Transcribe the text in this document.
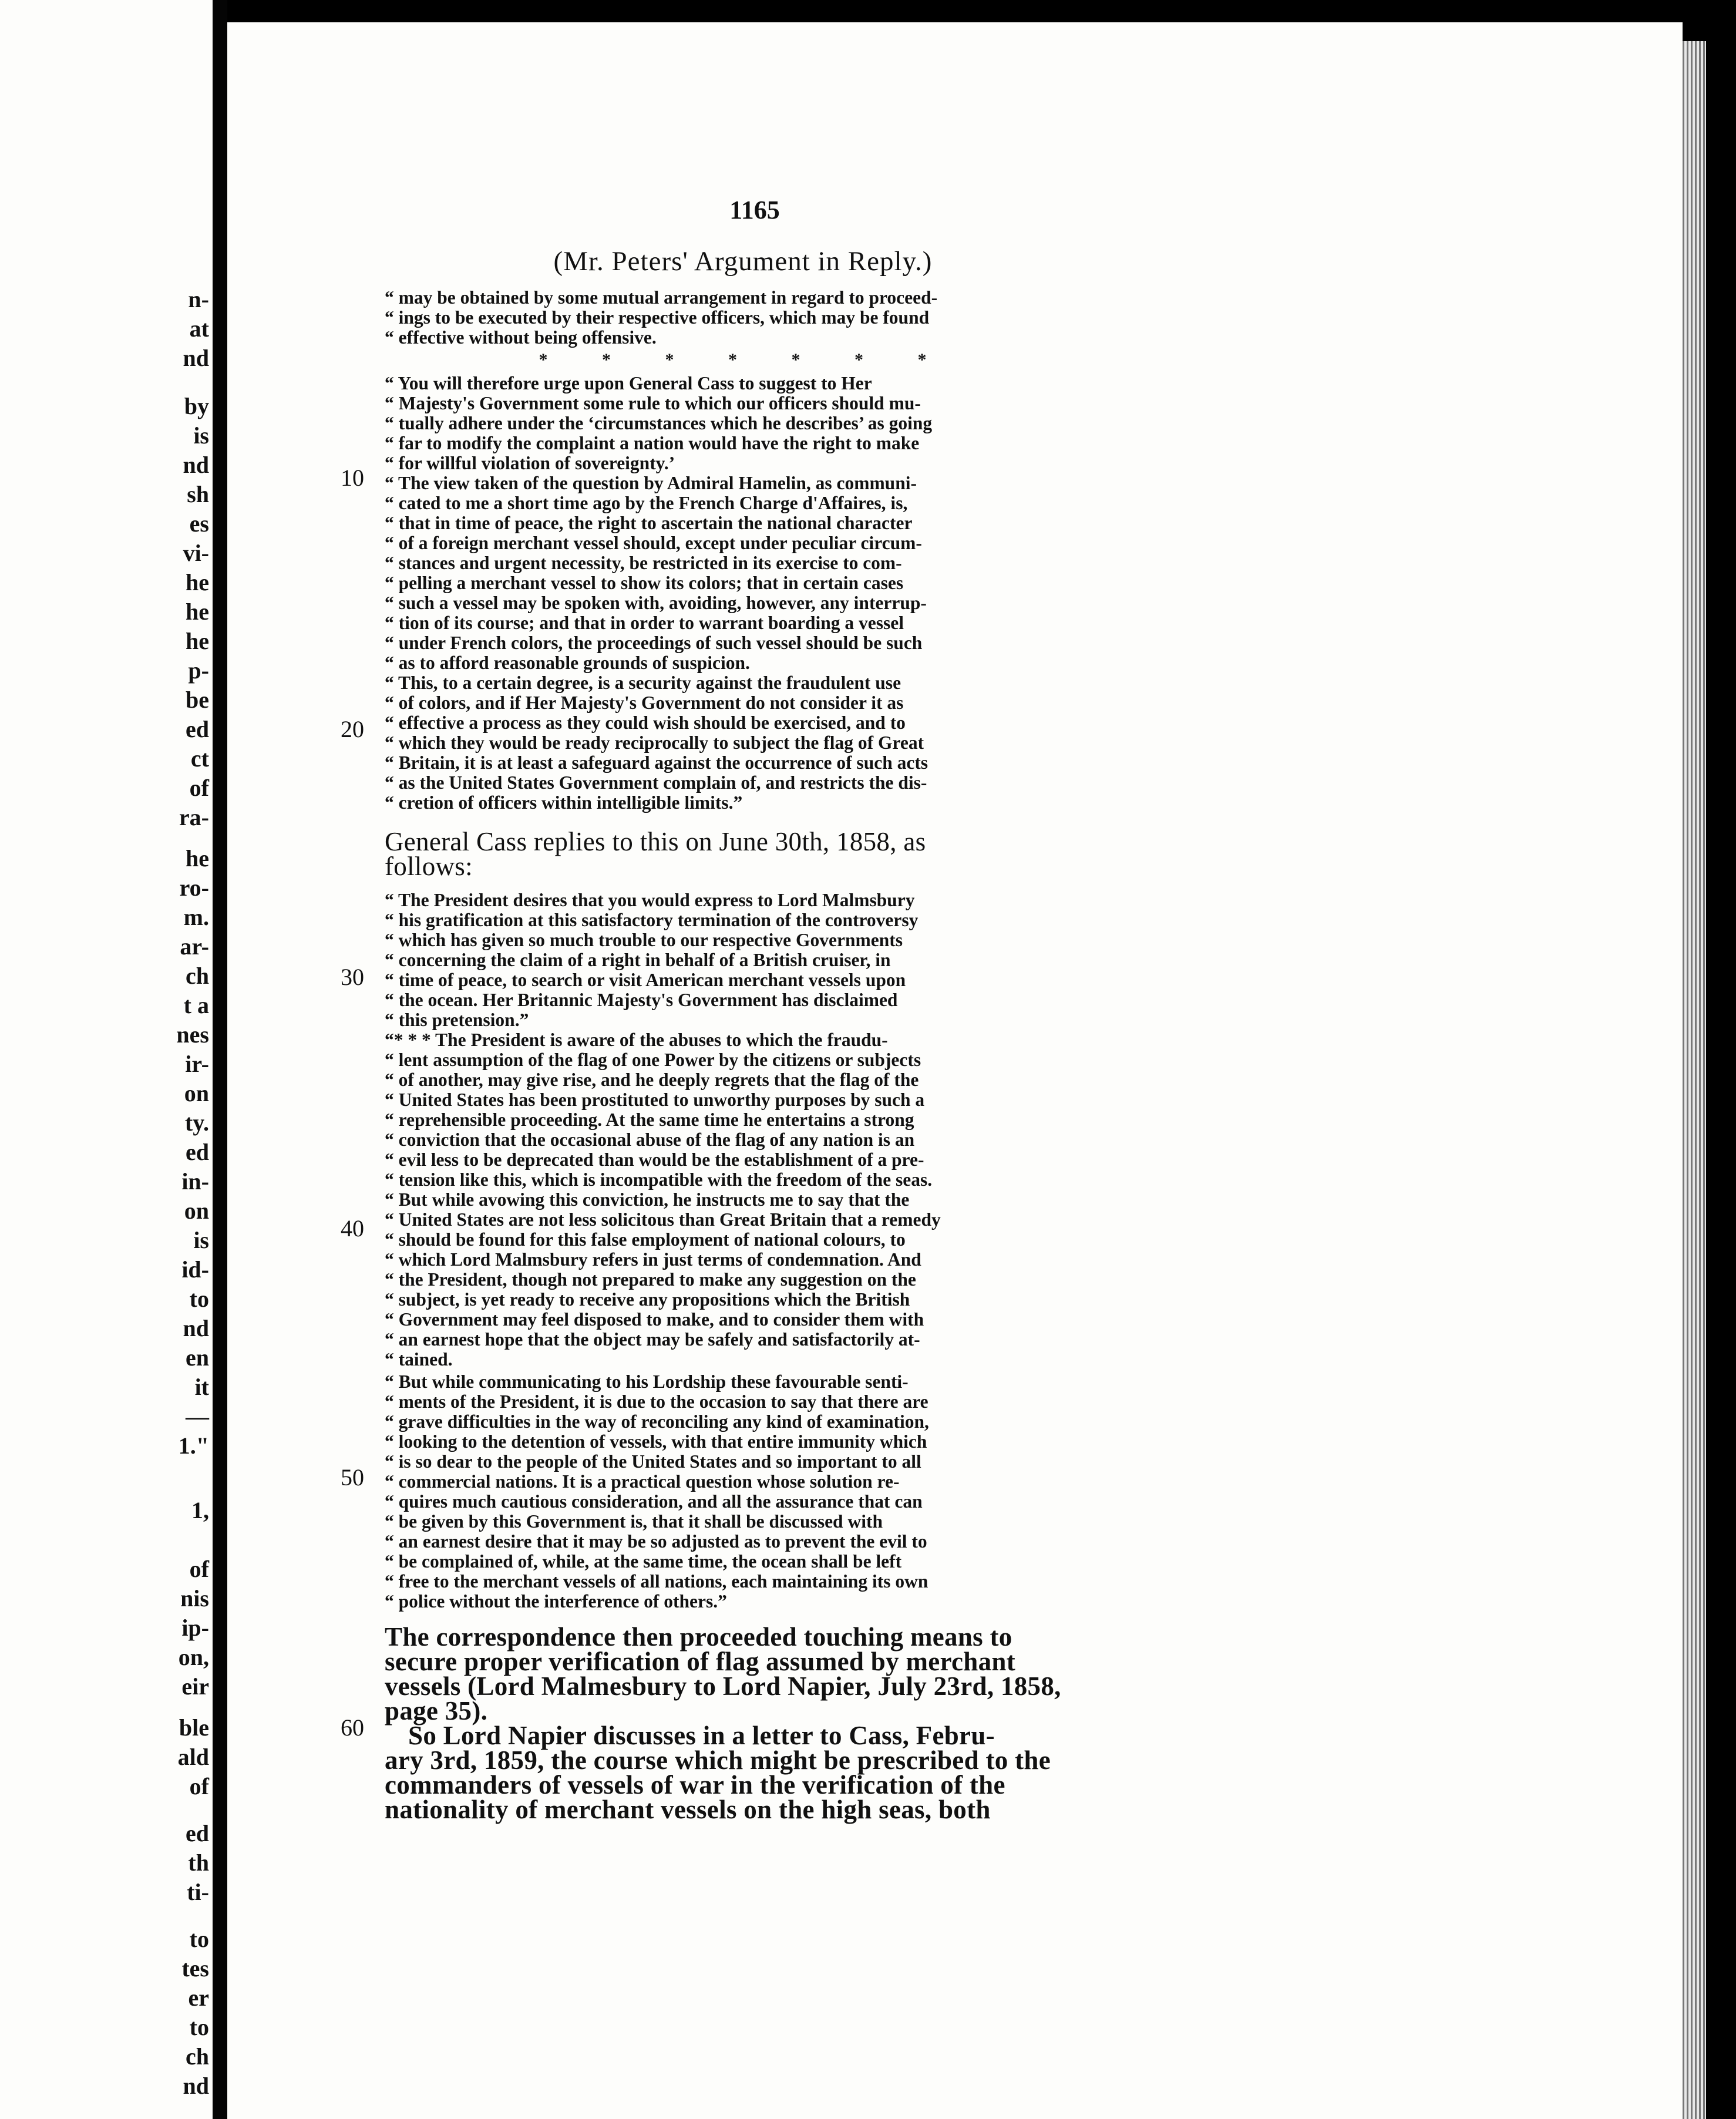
n-
at
nd
by
is
nd
sh
es
vi-
he
he
he
p-
be
ed
ct
of
ra-
he
ro-
m.
ar-
ch
t a
nes
ir-
on
ty.
ed
in-
on
is
id-
to
nd
en
it
—
1."
1,
of
nis
ip-
on,
eir
ble
ald
of
ed
th
ti-
to
tes
er
to
ch
nd
1165
(Mr. Peters' Argument in Reply.)

“ may be obtained by some mutual arrangement in regard to proceed-
“ ings to be executed by their respective officers, which may be found
“ effective without being offensive.

* * * * * * *

“ You will therefore urge upon General Cass to suggest to Her
“ Majesty's Government some rule to which our officers should mu-
“ tually adhere under the ‘circumstances which he describes’ as going
“ far to modify the complaint a nation would have the right to make
“ for willful violation of sovereignty.’

“ The view taken of the question by Admiral Hamelin, as communi-
“ cated to me a short time ago by the French Charge d'Affaires, is,
“ that in time of peace, the right to ascertain the national character
“ of a foreign merchant vessel should, except under peculiar circum-
“ stances and urgent necessity, be restricted in its exercise to com-
“ pelling a merchant vessel to show its colors; that in certain cases
“ such a vessel may be spoken with, avoiding, however, any interrup-
“ tion of its course; and that in order to warrant boarding a vessel
“ under French colors, the proceedings of such vessel should be such
“ as to afford reasonable grounds of suspicion.

“ This, to a certain degree, is a security against the fraudulent use
“ of colors, and if Her Majesty's Government do not consider it as
“ effective a process as they could wish should be exercised, and to
“ which they would be ready reciprocally to subject the flag of Great
“ Britain, it is at least a safeguard against the occurrence of such acts
“ as the United States Government complain of, and restricts the dis-
“ cretion of officers within intelligible limits.”

General Cass replies to this on June 30th, 1858, as
follows:

“ The President desires that you would express to Lord Malmsbury
“ his gratification at this satisfactory termination of the controversy
“ which has given so much trouble to our respective Governments
“ concerning the claim of a right in behalf of a British cruiser, in
“ time of peace, to search or visit American merchant vessels upon
“ the ocean. Her Britannic Majesty's Government has disclaimed
“ this pretension.”

“* * * The President is aware of the abuses to which the fraudu-
“ lent assumption of the flag of one Power by the citizens or subjects
“ of another, may give rise, and he deeply regrets that the flag of the
“ United States has been prostituted to unworthy purposes by such a
“ reprehensible proceeding. At the same time he entertains a strong
“ conviction that the occasional abuse of the flag of any nation is an
“ evil less to be deprecated than would be the establishment of a pre-
“ tension like this, which is incompatible with the freedom of the seas.
“ But while avowing this conviction, he instructs me to say that the
“ United States are not less solicitous than Great Britain that a remedy
“ should be found for this false employment of national colours, to
“ which Lord Malmsbury refers in just terms of condemnation. And
“ the President, though not prepared to make any suggestion on the
“ subject, is yet ready to receive any propositions which the British
“ Government may feel disposed to make, and to consider them with
“ an earnest hope that the object may be safely and satisfactorily at-
“ tained.

“ But while communicating to his Lordship these favourable senti-
“ ments of the President, it is due to the occasion to say that there are
“ grave difficulties in the way of reconciling any kind of examination,
“ looking to the detention of vessels, with that entire immunity which
“ is so dear to the people of the United States and so important to all
“ commercial nations. It is a practical question whose solution re-
“ quires much cautious consideration, and all the assurance that can
“ be given by this Government is, that it shall be discussed with
“ an earnest desire that it may be so adjusted as to prevent the evil to
“ be complained of, while, at the same time, the ocean shall be left
“ free to the merchant vessels of all nations, each maintaining its own
“ police without the interference of others.”

The correspondence then proceeded touching means to
secure proper verification of flag assumed by merchant
vessels (Lord Malmesbury to Lord Napier, July 23rd, 1858,
page 35).

So Lord Napier discusses in a letter to Cass, Febru-
ary 3rd, 1859, the course which might be prescribed to the
commanders of vessels of war in the verification of the
nationality of merchant vessels on the high seas, both

10
20
30
40
50
60
